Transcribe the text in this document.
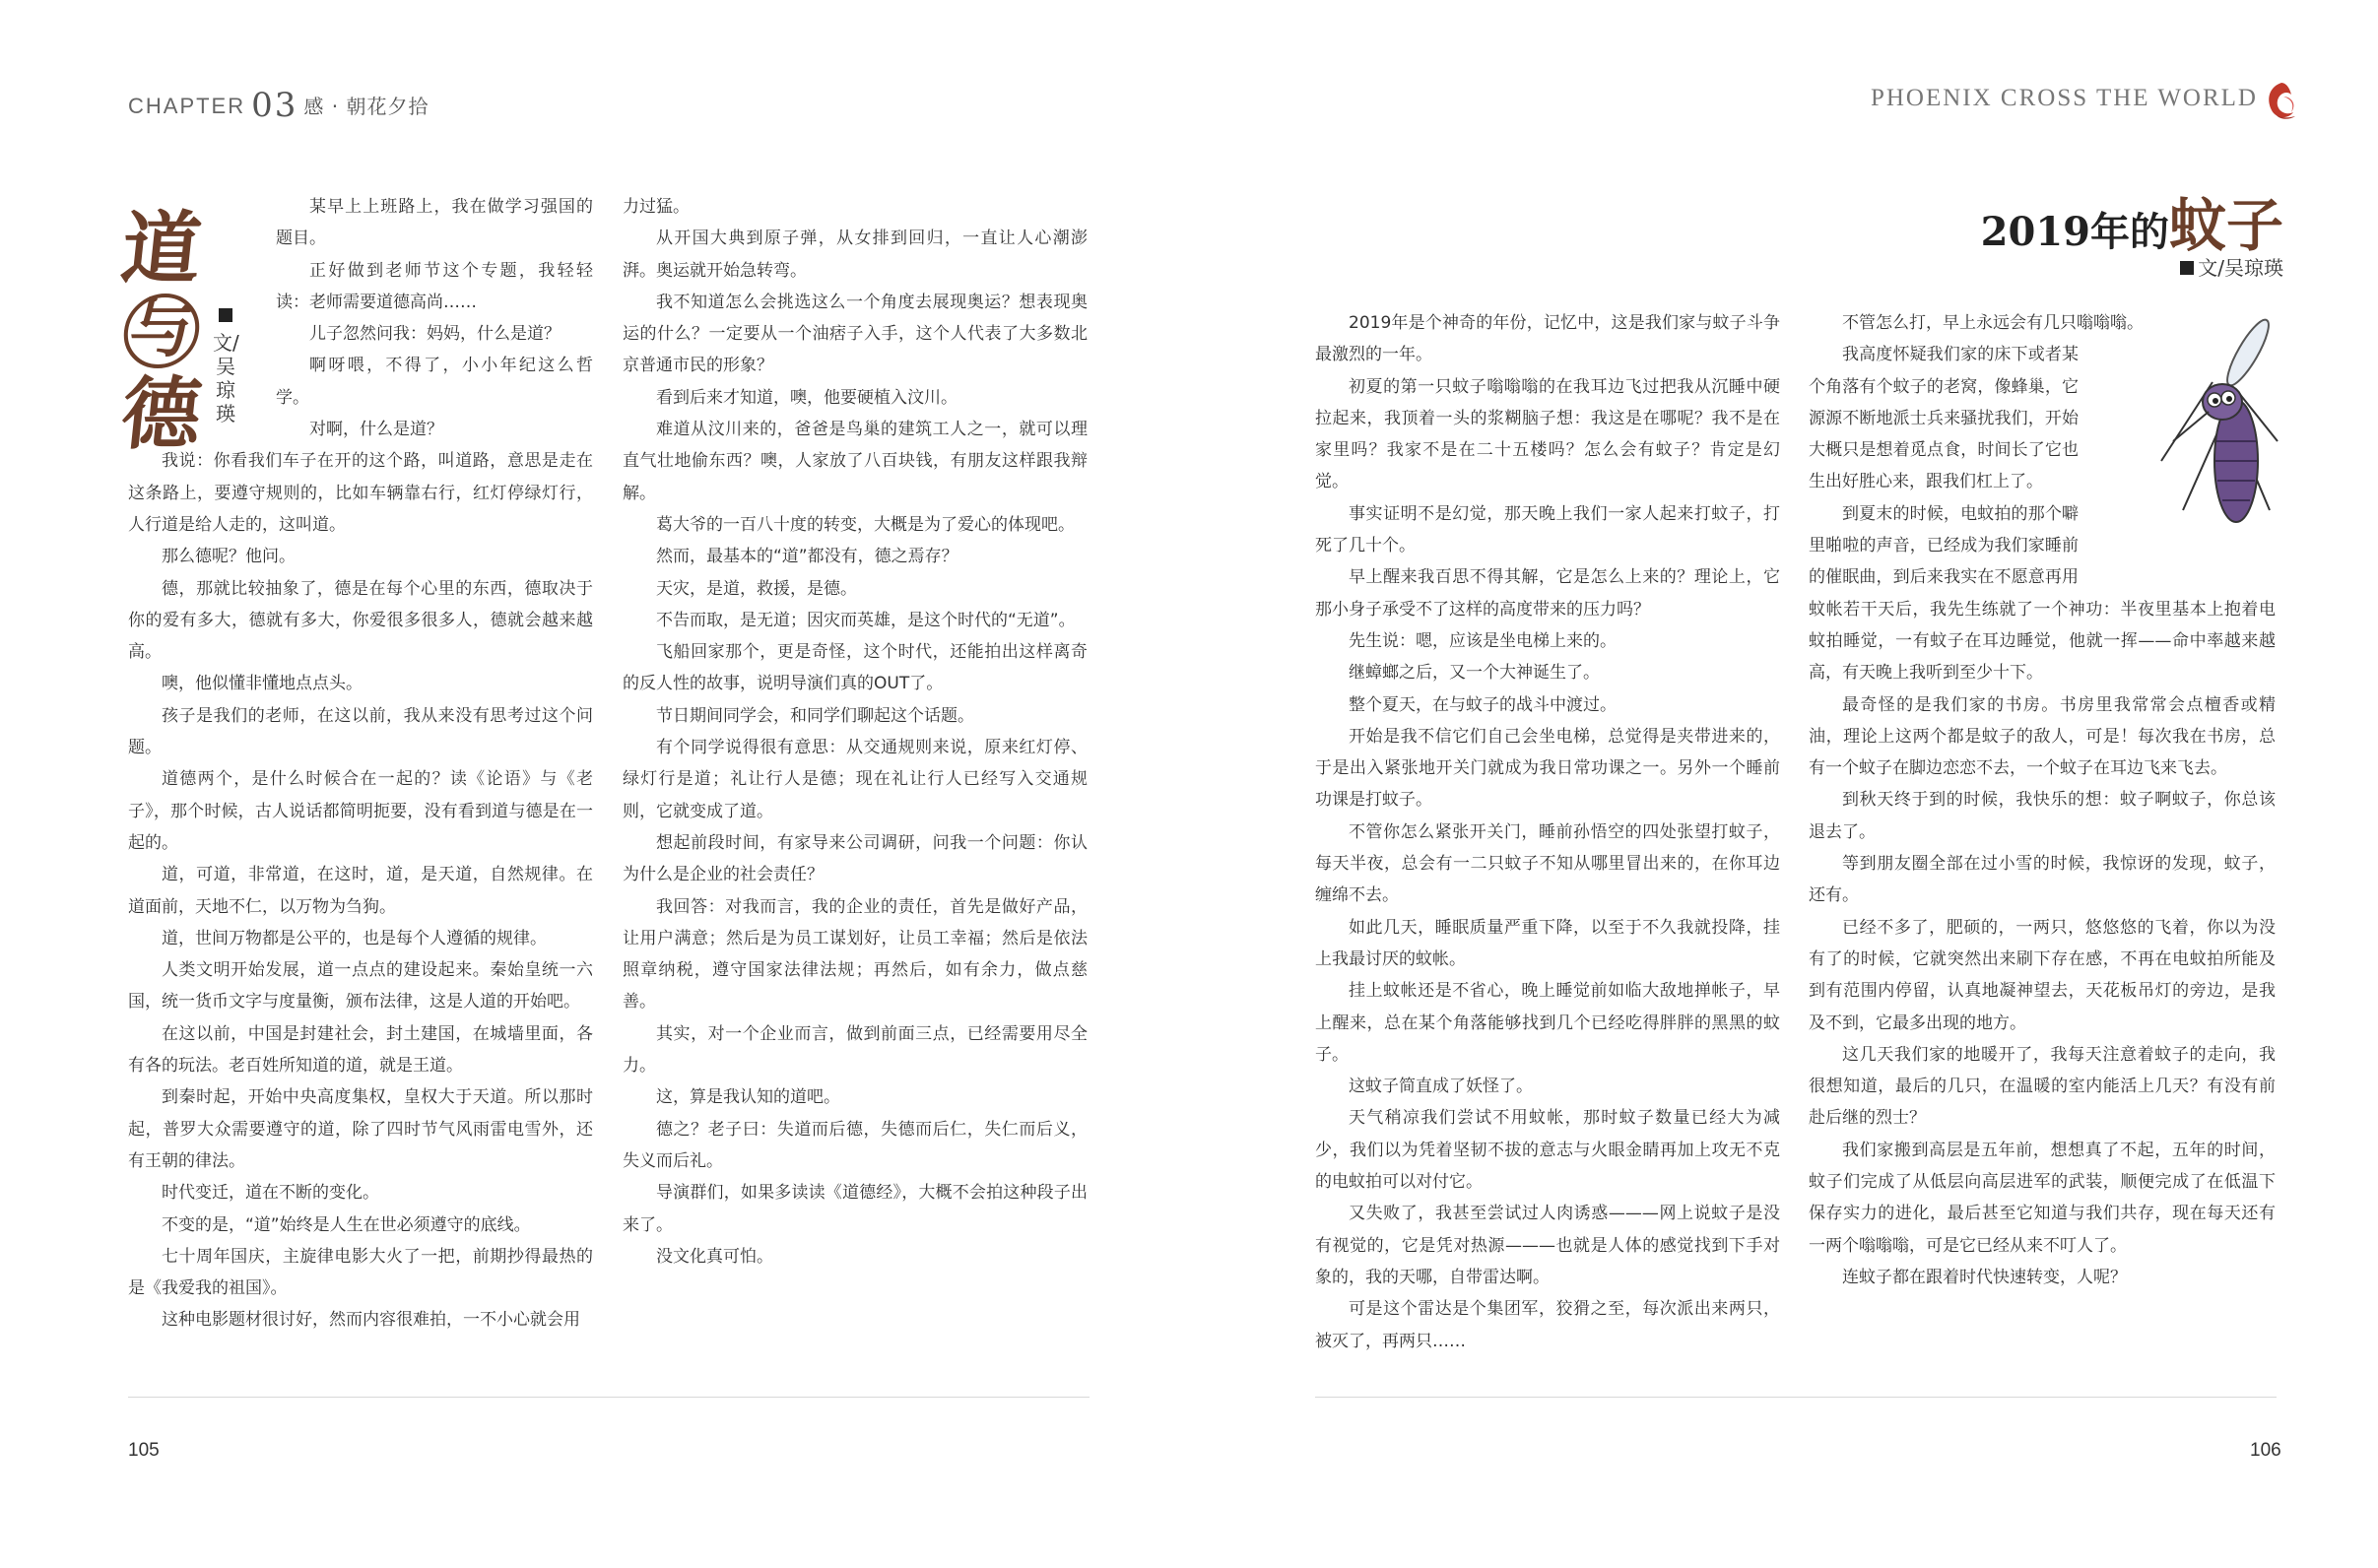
CHAPTER 03 感 · 朝花夕拾
道
与
德

文/吴琼瑛

某早上上班路上，我在做学习强国的题目。

正好做到老师节这个专题，我轻轻读：老师需要道德高尚……

儿子忽然问我：妈妈，什么是道？

啊呀喂，不得了，小小年纪这么哲学。

对啊，什么是道？

我说：你看我们车子在开的这个路，叫道路，意思是走在这条路上，要遵守规则的，比如车辆靠右行，红灯停绿灯行，人行道是给人走的，这叫道。

那么德呢？他问。

德，那就比较抽象了，德是在每个心里的东西，德取决于你的爱有多大，德就有多大，你爱很多很多人，德就会越来越高。

噢，他似懂非懂地点点头。

孩子是我们的老师，在这以前，我从来没有思考过这个问题。

道德两个，是什么时候合在一起的？读《论语》与《老子》，那个时候，古人说话都简明扼要，没有看到道与德是在一起的。

道，可道，非常道，在这时，道，是天道，自然规律。在道面前，天地不仁，以万物为刍狗。

道，世间万物都是公平的，也是每个人遵循的规律。

人类文明开始发展，道一点点的建设起来。秦始皇统一六国，统一货币文字与度量衡，颁布法律，这是人道的开始吧。

在这以前，中国是封建社会，封土建国，在城墙里面，各有各的玩法。老百姓所知道的道，就是王道。

到秦时起，开始中央高度集权，皇权大于天道。所以那时起，普罗大众需要遵守的道，除了四时节气风雨雷电雪外，还有王朝的律法。

时代变迁，道在不断的变化。

不变的是，“道”始终是人生在世必须遵守的底线。

七十周年国庆，主旋律电影大火了一把，前期抄得最热的是《我爱我的祖国》。

这种电影题材很讨好，然而内容很难拍，一不小心就会用

力过猛。

从开国大典到原子弹，从女排到回归，一直让人心潮澎湃。奥运就开始急转弯。

我不知道怎么会挑选这么一个角度去展现奥运？想表现奥运的什么？一定要从一个油痞子入手，这个人代表了大多数北京普通市民的形象？

看到后来才知道，噢，他要硬植入汶川。

难道从汶川来的，爸爸是鸟巢的建筑工人之一，就可以理直气壮地偷东西？噢，人家放了八百块钱，有朋友这样跟我辩解。

葛大爷的一百八十度的转变，大概是为了爱心的体现吧。

然而，最基本的“道”都没有，德之焉存？

天灾，是道，救援，是德。

不告而取，是无道；因灾而英雄，是这个时代的“无道”。

飞船回家那个，更是奇怪，这个时代，还能拍出这样离奇的反人性的故事，说明导演们真的OUT了。

节日期间同学会，和同学们聊起这个话题。

有个同学说得很有意思：从交通规则来说，原来红灯停、绿灯行是道；礼让行人是德；现在礼让行人已经写入交通规则，它就变成了道。

想起前段时间，有家导来公司调研，问我一个问题：你认为什么是企业的社会责任？

我回答：对我而言，我的企业的责任，首先是做好产品，让用户满意；然后是为员工谋划好，让员工幸福；然后是依法照章纳税，遵守国家法律法规；再然后，如有余力，做点慈善。

其实，对一个企业而言，做到前面三点，已经需要用尽全力。

这，算是我认知的道吧。

德之？老子曰：失道而后德，失德而后仁，失仁而后义，失义而后礼。

导演群们，如果多读读《道德经》，大概不会拍这种段子出来了。

没文化真可怕。

105
PHOENIX CROSS THE WORLD
2019年的蚊子
文/吴琼瑛

2019年是个神奇的年份，记忆中，这是我们家与蚊子斗争最激烈的一年。

初夏的第一只蚊子嗡嗡嗡的在我耳边飞过把我从沉睡中硬拉起来，我顶着一头的浆糊脑子想：我这是在哪呢？我不是在家里吗？我家不是在二十五楼吗？怎么会有蚊子？肯定是幻觉。

事实证明不是幻觉，那天晚上我们一家人起来打蚊子，打死了几十个。

早上醒来我百思不得其解，它是怎么上来的？理论上，它那小身子承受不了这样的高度带来的压力吗？

先生说：嗯，应该是坐电梯上来的。

继蟑螂之后，又一个大神诞生了。

整个夏天，在与蚊子的战斗中渡过。

开始是我不信它们自己会坐电梯，总觉得是夹带进来的，于是出入紧张地开关门就成为我日常功课之一。另外一个睡前功课是打蚊子。

不管你怎么紧张开关门，睡前孙悟空的四处张望打蚊子，每天半夜，总会有一二只蚊子不知从哪里冒出来的，在你耳边缠绵不去。

如此几天，睡眠质量严重下降，以至于不久我就投降，挂上我最讨厌的蚊帐。

挂上蚊帐还是不省心，晚上睡觉前如临大敌地掸帐子，早上醒来，总在某个角落能够找到几个已经吃得胖胖的黑黑的蚊子。

这蚊子简直成了妖怪了。

天气稍凉我们尝试不用蚊帐，那时蚊子数量已经大为减少，我们以为凭着坚韧不拔的意志与火眼金睛再加上攻无不克的电蚊拍可以对付它。

又失败了，我甚至尝试过人肉诱惑———网上说蚊子是没有视觉的，它是凭对热源———也就是人体的感觉找到下手对象的，我的天哪，自带雷达啊。

可是这个雷达是个集团军，狡猾之至，每次派出来两只，被灭了，再两只……

不管怎么打，早上永远会有几只嗡嗡嗡。

我高度怀疑我们家的床下或者某个角落有个蚊子的老窝，像蜂巢，它源源不断地派士兵来骚扰我们，开始大概只是想着觅点食，时间长了它也生出好胜心来，跟我们杠上了。

到夏末的时候，电蚊拍的那个噼里啪啦的声音，已经成为我们家睡前的催眠曲，到后来我实在不愿意再用蚊帐若干天后，我先生练就了一个神功：半夜里基本上抱着电蚊拍睡觉，一有蚊子在耳边睡觉，他就一挥——命中率越来越高，有天晚上我听到至少十下。

最奇怪的是我们家的书房。书房里我常常会点檀香或精油，理论上这两个都是蚊子的敌人，可是！每次我在书房，总有一个蚊子在脚边恋恋不去，一个蚊子在耳边飞来飞去。

到秋天终于到的时候，我快乐的想：蚊子啊蚊子，你总该退去了。

等到朋友圈全部在过小雪的时候，我惊讶的发现，蚊子，还有。

已经不多了，肥硕的，一两只，悠悠悠的飞着，你以为没有了的时候，它就突然出来刷下存在感，不再在电蚊拍所能及到有范围内停留，认真地凝神望去，天花板吊灯的旁边，是我及不到，它最多出现的地方。

这几天我们家的地暖开了，我每天注意着蚊子的走向，我很想知道，最后的几只，在温暖的室内能活上几天？有没有前赴后继的烈士？

我们家搬到高层是五年前，想想真了不起，五年的时间，蚊子们完成了从低层向高层进军的武装，顺便完成了在低温下保存实力的进化，最后甚至它知道与我们共存，现在每天还有一两个嗡嗡嗡，可是它已经从来不叮人了。

连蚊子都在跟着时代快速转变，人呢？

106
